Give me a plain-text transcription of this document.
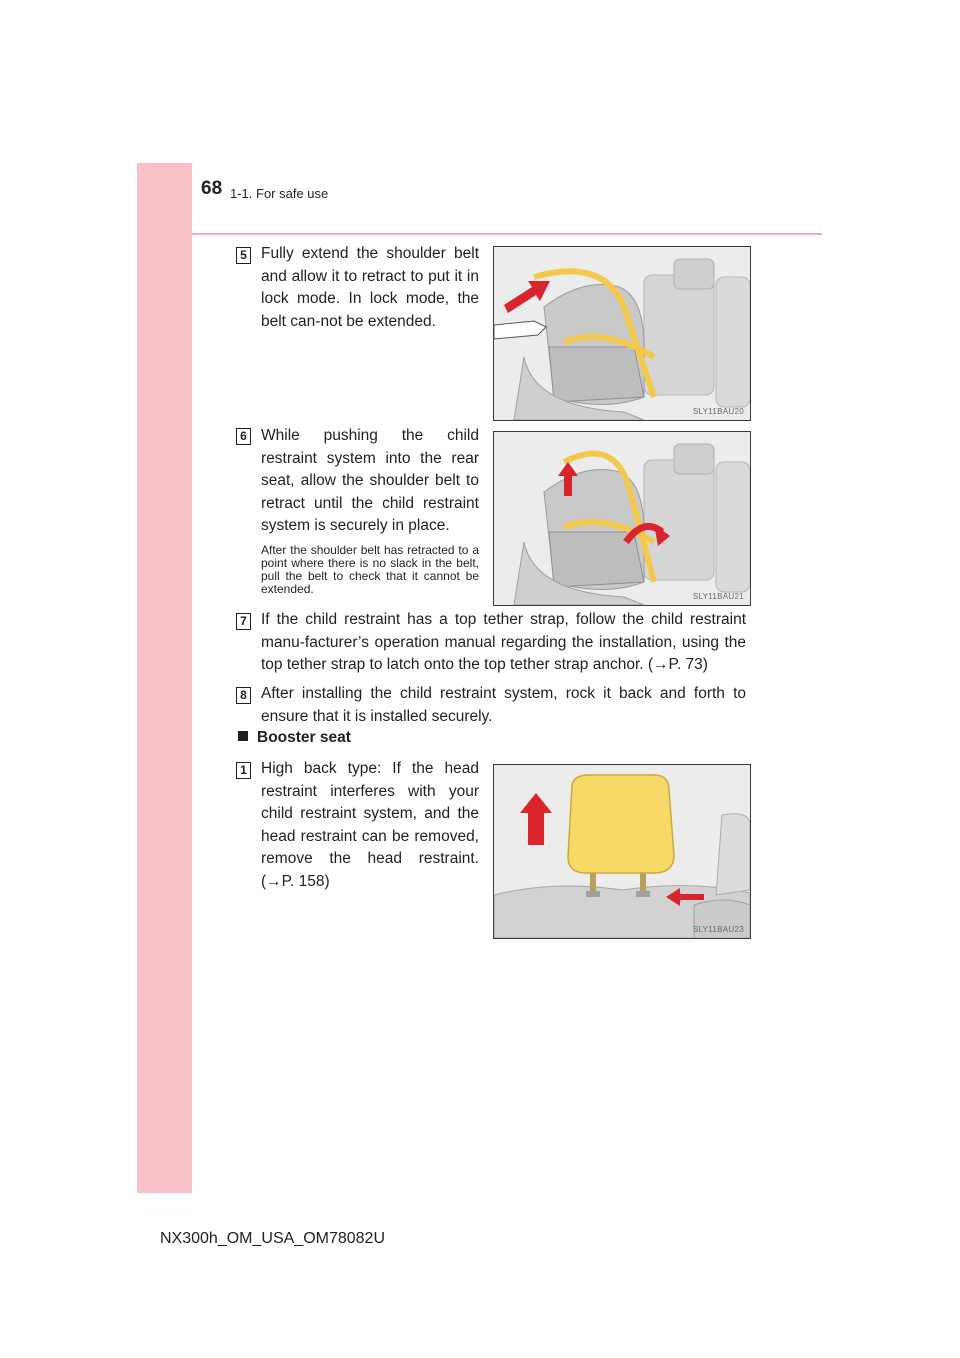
68 1-1. For safe use
5 Fully extend the shoulder belt and allow it to retract to put it in lock mode. In lock mode, the belt can-not be extended.
SLY11BAU20
6 While pushing the child restraint system into the rear seat, allow the shoulder belt to retract until the child restraint system is securely in place.
After the shoulder belt has retracted to a point where there is no slack in the belt, pull the belt to check that it cannot be extended.
SLY11BAU21
7 If the child restraint has a top tether strap, follow the child restraint manu-facturer’s operation manual regarding the installation, using the top tether strap to latch onto the top tether strap anchor. (→P. 73)
8 After installing the child restraint system, rock it back and forth to ensure that it is installed securely.
Booster seat
1 High back type: If the head restraint interferes with your child restraint system, and the head restraint can be removed, remove the head restraint. (→P. 158)
SLY11BAU23
NX300h_OM_USA_OM78082U
